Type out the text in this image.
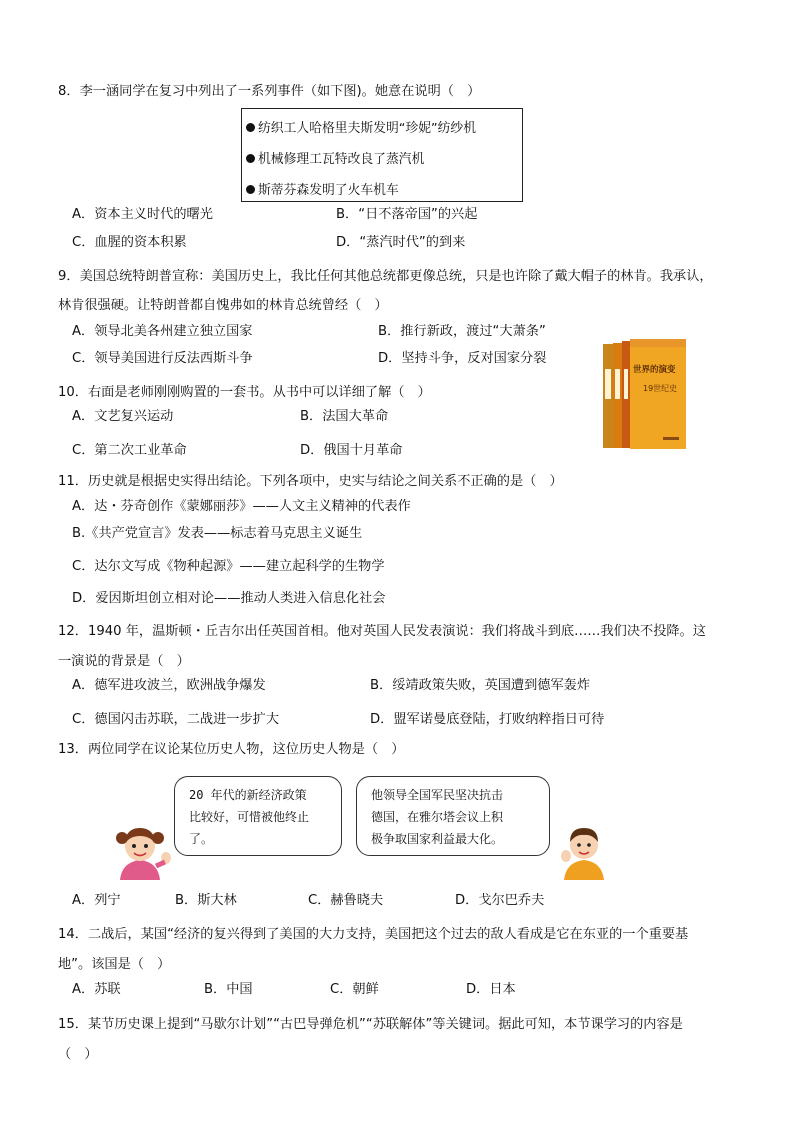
8．李一涵同学在复习中列出了一系列事件（如下图)。她意在说明（　）
纺织工人哈格里夫斯发明“珍妮”纺纱机
机械修理工瓦特改良了蒸汽机
斯蒂芬森发明了火车机车
A．资本主义时代的曙光	B．“日不落帝国”的兴起
C．血腥的资本积累	D．“蒸汽时代”的到来
9．美国总统特朗普宣称：美国历史上，我比任何其他总统都更像总统，只是也许除了戴大帽子的林肯。我承认，
林肯很强硬。让特朗普都自愧弗如的林肯总统曾经（　）
A．领导北美各州建立独立国家	B．推行新政，渡过“大萧条”
C．领导美国进行反法西斯斗争	D．坚持斗争，反对国家分裂
10．右面是老师刚刚购置的一套书。从书中可以详细了解（　）
A．文艺复兴运动	B．法国大革命
C．第二次工业革命	D．俄国十月革命
世界的演变
19世纪史
11．历史就是根据史实得出结论。下列各项中，史实与结论之间关系不正确的是（　）
A．达・芬奇创作《蒙娜丽莎》——人文主义精神的代表作
B.《共产党宣言》发表——标志着马克思主义诞生
C．达尔文写成《物种起源》——建立起科学的生物学
D．爱因斯坦创立相对论——推动人类进入信息化社会
12．1940 年，温斯顿・丘吉尔出任英国首相。他对英国人民发表演说：我们将战斗到底……我们决不投降。这
一演说的背景是（　）
A．德军进攻波兰，欧洲战争爆发	B．绥靖政策失败，英国遭到德军轰炸
C．德国闪击苏联，二战进一步扩大	D．盟军诺曼底登陆，打败纳粹指日可待
13．两位同学在议论某位历史人物，这位历史人物是（　）
20 年代的新经济政策
比较好，可惜被他终止
了。
他领导全国军民坚决抗击
德国，在雅尔塔会议上积
极争取国家利益最大化。
A．列宁	B．斯大林	C．赫鲁晓夫	D．戈尔巴乔夫
14．二战后，某国“经济的复兴得到了美国的大力支持，美国把这个过去的敌人看成是它在东亚的一个重要基
地”。该国是（　）
A．苏联	B．中国	C．朝鲜	D．日本
15．某节历史课上提到“马歇尔计划”“古巴导弹危机”“苏联解体”等关键词。据此可知，本节课学习的内容是
（　）
